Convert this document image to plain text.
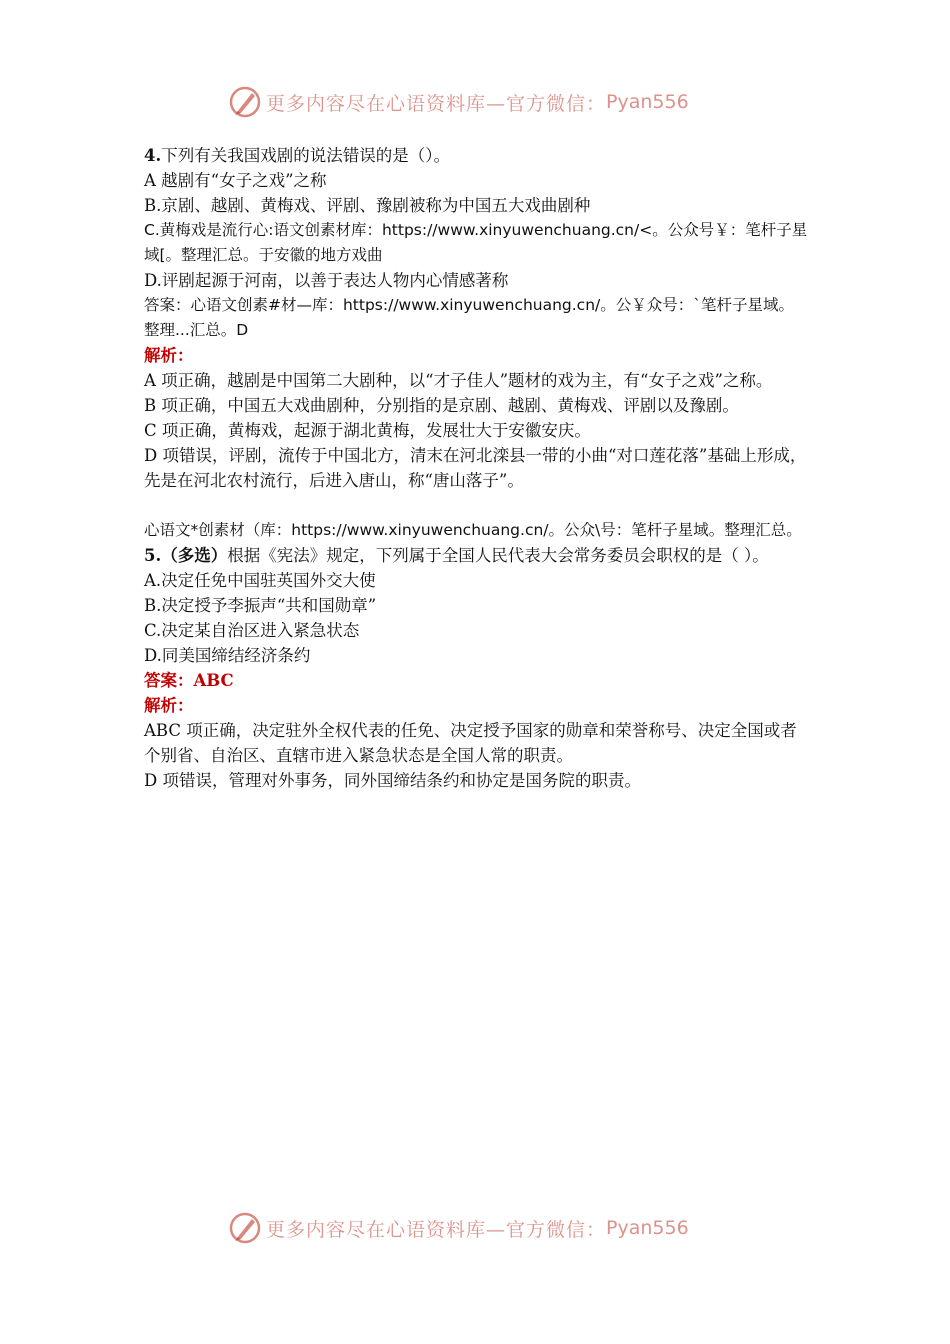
更多内容尽在心语资料库—官方微信： Pyan556

4.下列有关我国戏剧的说法错误的是（）。

A 越剧有“女子之戏”之称

B.京剧、越剧、黄梅戏、评剧、豫剧被称为中国五大戏曲剧种

C.黄梅戏是流行心:语文创素材库：https://www.xinyuwenchuang.cn/<。公众号￥：笔杆子星域[。整理汇总。于安徽的地方戏曲

D.评剧起源于河南，以善于表达人物内心情感著称

答案：心语文创素#材—库：https://www.xinyuwenchuang.cn/。公￥众号：`笔杆子星域。整理...汇总。D

解析：

A 项正确，越剧是中国第二大剧种，以“才子佳人”题材的戏为主，有“女子之戏”之称。

B 项正确，中国五大戏曲剧种，分别指的是京剧、越剧、黄梅戏、评剧以及豫剧。

C 项正确，黄梅戏，起源于湖北黄梅，发展壮大于安徽安庆。

D 项错误，评剧，流传于中国北方，清末在河北滦县一带的小曲“对口莲花落”基础上形成，先是在河北农村流行，后进入唐山，称“唐山落子”。

心语文*创素材（库：https://www.xinyuwenchuang.cn/。公众\号：笔杆子星域。整理汇总。

5.（多选）根据《宪法》规定，下列属于全国人民代表大会常务委员会职权的是（ ）。

A.决定任免中国驻英国外交大使

B.决定授予李振声“共和国勋章”

C.决定某自治区进入紧急状态

D.同美国缔结经济条约

答案：ABC

解析：

ABC 项正确，决定驻外全权代表的任免、决定授予国家的勋章和荣誉称号、决定全国或者个别省、自治区、直辖市进入紧急状态是全国人常的职责。

D 项错误，管理对外事务，同外国缔结条约和协定是国务院的职责。

更多内容尽在心语资料库—官方微信： Pyan556
